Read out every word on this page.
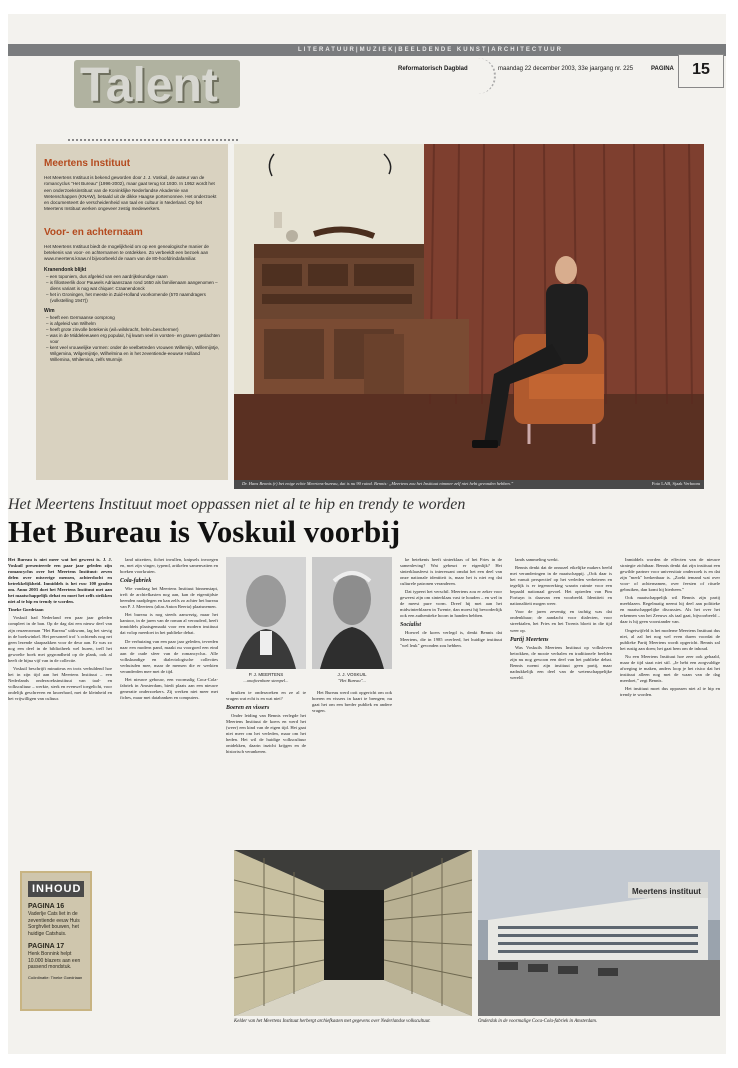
LITERATUUR|MUZIEK|BEELDENDE KUNST|ARCHITECTUUR
Talent	Reformatorisch Dagblad	maandag 22 december 2003, 33e jaargang nr. 225	PAGINA	15
Meertens Instituut

Het Meertens Instituut is bekend geworden door J. J. Voskuil, de auteur van de romancyclus "Het Bureau" (1996-2002), maar gaat terug tot 1930. In 1952 wordt het een onderzoeksinstituut van de Koninklijke Nederlandse Akademie van Wetenschappen (KNAW), betaald uit de dikke Haagse portemonnee. Het onderzoekt en documenteert de verscheidenheid van taal en cultuur in Nederland. Op het Meertens Instituut werken ongeveer zestig medewerkers.

Voor- en achternaam

Het Meertens Instituut biedt de mogelijkheid om op een genealogische manier de betekenis van voor- en achternamen te ontdekken. Zo verbeeldt een bezoek aan www.meertens.knaw.nl bijvoorbeeld de naam van de 80-hoofdrindafamiliar.

Kranendonk blijkt
– een toponiem, dus afgeleid van een aardrijkskundige naam
– is fillosteerlik door Pauwels Adriaanszaan rond 1650 als familienaam aangenomen – diens variant is nog wat chiquer: Craanendonck
– het in Groningen, het meeste in Zuid-Holland voorkomende (570 naamdragers (volkstelling 1947))
Wim
– heeft een Germaanse oorsprong
– is afgeleid van Wilhelm
– heeft grote zinvolle betekenis (wil=wilskracht, helm=beschermer)
– was in de Middeleeuwen erg populair, hij kwam veel in vorsten- en graven geslachten voor
– kent veel vrouwelijke vormen: onder de veelbetreden vrouwen Willemijn, Willemijntje, Wilgemina, Wilgemijntje, Wilhelmina en in het zeventiende-eeuwse Holland Willemina, Whilemina, zelfs Wurmijn
Dr. Hans Bennis (r) bet enige echte Meertens-bureau, dat is nu 90 ruind. Bennis: „Meertens zou het Instituut nimmer zelf niet hebt gevonden hebben.”	Foto LAB, Sjaak Verboom
Het Meertens Instituut moet oppassen niet al te hip en trendy te worden
Het Bureau is Voskuil voorbij

Het Bureau is niet meer wat het geweest is. J. J. Voskuil presenteerde een paar jaar geleden zijn romancyclus over het Meertens Instituut: zeven delen over misverige mensen, achterdocht en betrekkelijkheid. Inmiddels is het ruw 100 graden om. Anno 2003 doet het Meertens Instituut met aan het maatschappelijk debat en moet het zelfs strikken niet al te hip en trendy te worden.

Tineke Goedriaan

Voskuil had Nederland een paar jaar geleden compleet in de ban. Op de dag dat een nieuw deel van zijn reuzenroman "Het Bureau" uitkwam, lag het stevig in de boekwinkel. Het personeel trof 's ochtends nog net geen lezende slaapzakken voor de deur aan. Er was zo nog een deel in de bibliotheek wel huren, trefl het gewoelte boek met gegrondheid op de plank, ook al heeft de bijna vijf van in de collectie.

Voskuil beschrijft minutieus en trots verbuldend hoe het in zijn tijd aan het Meertens Instituut – een Nederlands onderzoeksinstituut van taal- en volkscultuur – werkte, sterk en evenwel toegelicht, voor ondelijk geschreven en knoerhard, met de kleinheid en het vrijwilligen van cultuur.

land uitzetten, fichet invullen, knipsels invoegen en, met zijn vinger, typend, artikelen samenvatten en boeken voorkruien.

Cola-fabriek

Wie vandaag het Meertens Instituut binnenstapt, treft de archiefkasten nog aan, kan de eigentijdste beenden raadplegen en kan zelfs zo achter het bureau van P. J. Meertens (alias Anton Beerta) plaatsnemen.

Het bureau is nog steeds aanwezig, maar het kantoor, in de jaren van de roman al verouderd, heeft inmiddels plaatsgemaakt voor een modern instituut dat volop meedoet in het publieke debat.

De verhuizing van een paar jaar geleden, tevreden naar een modern pand, maakt nu voorgoed een eind aan de oude sfeer van de romancyclus. Alle volkskundige en dialectologische collecties verhuisden mee, maar de mensen die er werkten veranderden mee met de tijd.

Het nieuwe gebouw, een voormalig Coca-Cola-fabriek in Amsterdam, biedt plaats aan een nieuwe generatie onderzoekers. Zij werken niet meer met fiches, maar met databanken en computers.

P. J. MEERTENS
...onafwenbare stempel...
J. J. VOSKUIL
"Het Bureau"...

bruiken te onderzoeken en ze al te vragen wat echt is en wat niet?

Boeren en vissers

Onder leiding van Bennis verlegde het Meertens Instituut de koers en werd het (weer) een kind van de eigen tijd. Het gaat niet meer om het verleden, maar om het heden. Het wil de huidige volkscultuur ontdekken, daarin inzicht krijgen en de historisch verankeren.

Het Bureau werd ooit opgericht om ook boeren en vissers in kaart te brengen; nu gaat het om een breder publiek en andere vragen.

ke betekenis heeft sinterklaas of het Fries in de samenleving? Wat gebeurt er eigenlijk? Het sinterklaasfeest is interessant omdat het een deel van onze nationale identiteit is, maar het is niet erg dat culturele patronen veranderen.

Dat typeert het verschil. Meertens zou er zeker voor geweest zijn om sinterklaas vast te houden – en wel in de meest pure vorm. Dreef hij met aan het midwinterblazen in Twente, dan moest hij bevorderlijk ook een authentieke hoorn in handen hebben.

Socialist

Hoewel de koers verlegd is, denkt Bennis dat Meertens, die in 1985 overleed, het huidige instituut "wel leuk" gevonden zou hebben.

lands sammeling werkt.

Bennis denkt dat de onnozel eikelijke makers beeld met veranderingen in de maatschappij. „Ook daar is het vanuit perspectief op het verleden verbeteren en tegelijk is er tegenwerking waarin ruimte voor een bepaald nationaal gevoel. Het optreden van Pim Fortuyn is daarvan een voorbeeld. Identiteit en nationaliteit mogen weer.

Voor de jaren zeventig en tachtig was dat ondenkbaar; de aandacht voor dialecten, voor streektalen, het Fries en het Twents bloeit in die tijd weer op.

Partij Meertens

Was Voskuils Meertens Instituut op volksleven betrokken, de mooie verhalen en traditionele beelden zijn nu nog gewoon een deel van het publieke debat. Bennis noemt zijn instituut geen partij, maar nadrukkelijk een deel van de wetenschappelijke wereld.

Inmiddels worden de effecten van de nieuwe strategie zichtbaar. Bennis denkt dat zijn instituut een gewilde partner voor universitair onderzoek is en dat zijn "merk" herkenbaar is. „Zoekt iemand wat over voor- of achternamen, over feesten of rituele gebruiken, dan komt hij hierheen.”

Ook maatschappelijk wil Bennis zijn partij meeblazen. Regelmatig neemt hij deel aan politieke en maatschappelijke discussies. Als het over het erkennen van het Zeeuws als taal gaat, bijvoorbeeld – daar is hij geen voorstander van.

Ongetwijfeld is het moderne Meertens Instituut dus niet, al zal het nog wel even duren voordat de publieke Partij Meertens wordt opgericht. Bennis zal het rustig aan doen; het gaat hem om de inhoud.

Nu een Meertens Instituut hoe zeer ook gehaald, maar de tijd staat niet stil. „Je hebt een zorgvuldige afweging te maken, anders loop je het risico dat het instituut alleen nog met de waan van de dag meedoet,” zegt Bennis.

Het instituut moet dus oppassen niet al te hip en trendy te worden.

INHOUD
PAGINA 16
Vaderlje Cats liet in de zeventiende eeuw Huis Sorghvliet bouwen, het huidige Catshuis.
PAGINA 17
Henk Bonnink helpt 10.000 blazers aan een passend mondstuk.
Coördinatie: Tineke Goedriaan
Kelder van het Meertens Instituut herbergt archiefkasten met gegevens over Nederlandse volkscultuur.
Meertens instituut
Onderdak in de voormalige Coca-Cola-fabriek in Amsterdam.
